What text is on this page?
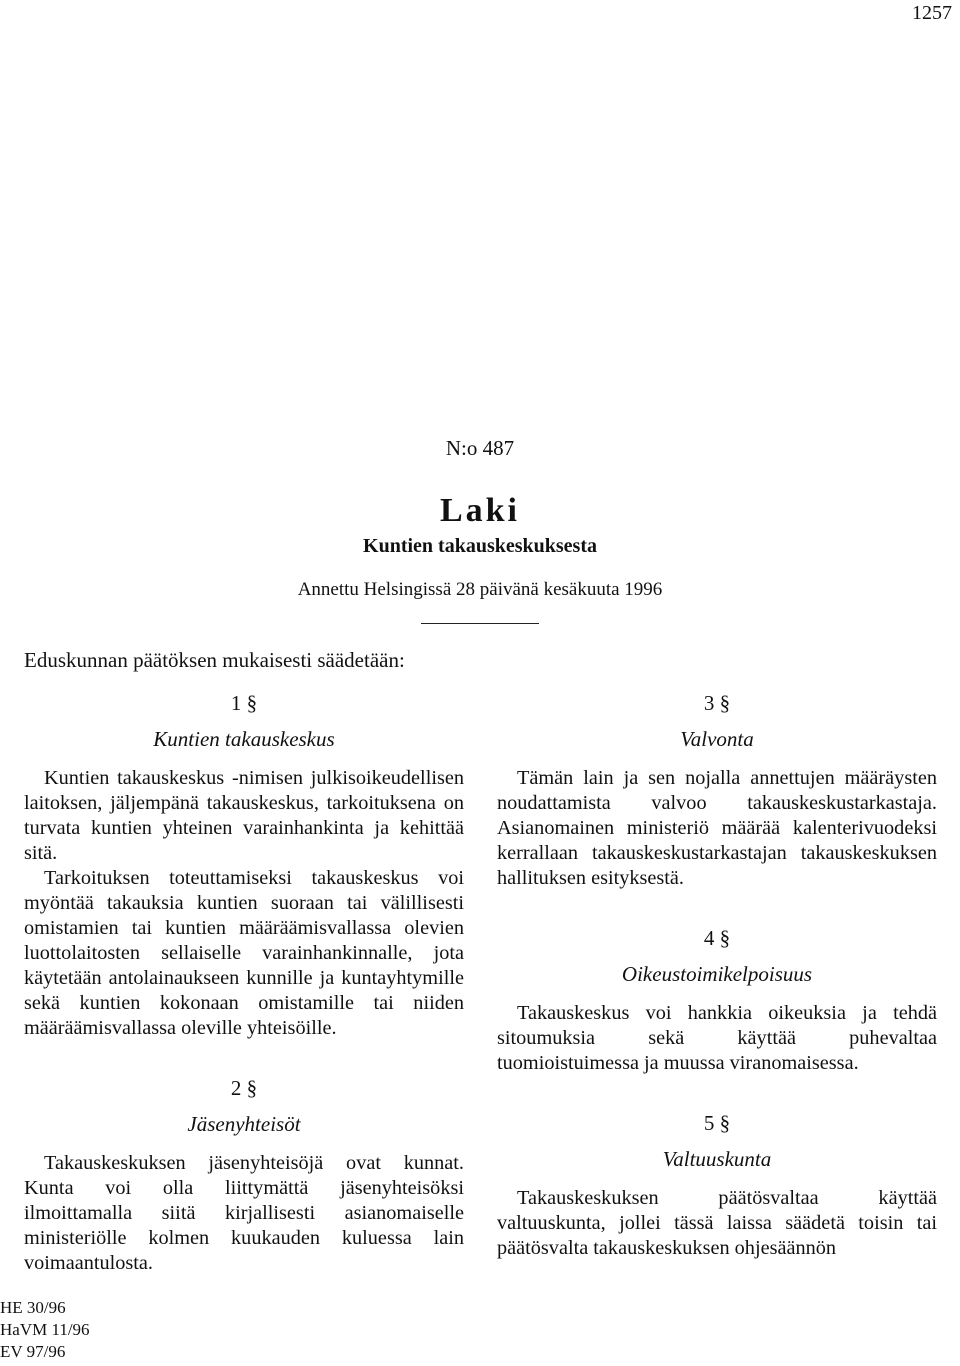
1257
N:o 487
Laki
Kuntien takauskeskuksesta
Annettu Helsingissä 28 päivänä kesäkuuta 1996
Eduskunnan päätöksen mukaisesti säädetään:
1 §
Kuntien takauskeskus

Kuntien takauskeskus -nimisen julkisoikeudellisen laitoksen, jäljempänä takauskeskus, tarkoituksena on turvata kuntien yhteinen varainhankinta ja kehittää sitä.

Tarkoituksen toteuttamiseksi takauskeskus voi myöntää takauksia kuntien suoraan tai välillisesti omistamien tai kuntien määräämisvallassa olevien luottolaitosten sellaiselle varainhankinnalle, jota käytetään antolainaukseen kunnille ja kuntayhtymille sekä kuntien kokonaan omistamille tai niiden määräämisvallassa oleville yhteisöille.

2 §
Jäsenyhteisöt

Takauskeskuksen jäsenyhteisöjä ovat kunnat. Kunta voi olla liittymättä jäsenyhteisöksi ilmoittamalla siitä kirjallisesti asianomaiselle ministeriölle kolmen kuukauden kuluessa lain voimaantulosta.

3 §
Valvonta

Tämän lain ja sen nojalla annettujen määräysten noudattamista valvoo takauskeskustarkastaja. Asianomainen ministeriö määrää kalenterivuodeksi kerrallaan takauskeskustarkastajan takauskeskuksen hallituksen esityksestä.

4 §
Oikeustoimikelpoisuus

Takauskeskus voi hankkia oikeuksia ja tehdä sitoumuksia sekä käyttää puhevaltaa tuomioistuimessa ja muussa viranomaisessa.

5 §
Valtuuskunta

Takauskeskuksen päätösvaltaa käyttää valtuuskunta, jollei tässä laissa säädetä toisin tai päätösvalta takauskeskuksen ohjesäännön

HE 30/96
HaVM 11/96
EV 97/96
